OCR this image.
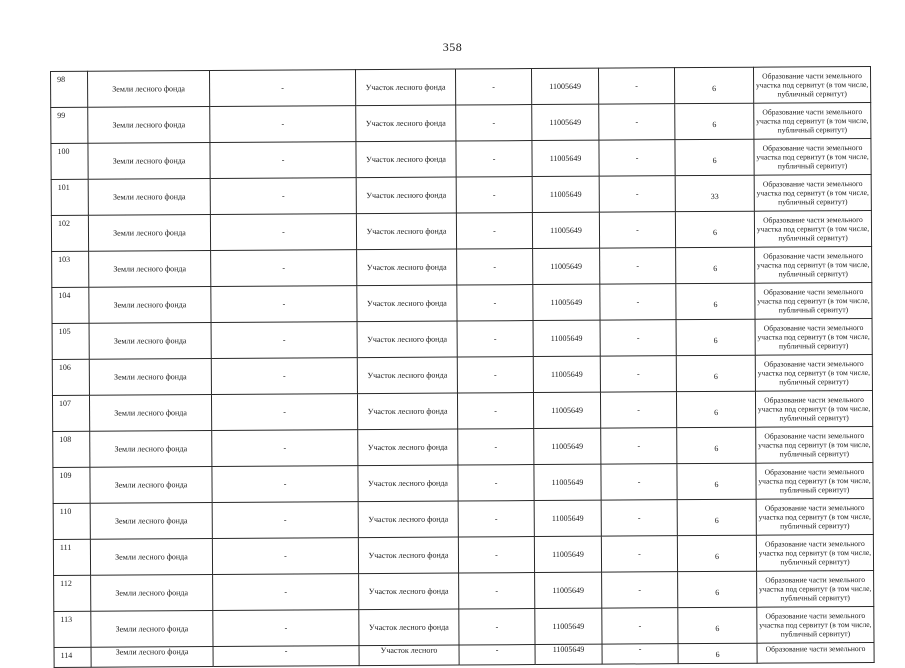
358
98	Земли лесного фонда	-	Участок лесного фонда	-	11005649	-	6	Образование части земельного участка под сервитут (в том числе, публичный сервитут)
99	Земли лесного фонда	-	Участок лесного фонда	-	11005649	-	6	Образование части земельного участка под сервитут (в том числе, публичный сервитут)
100	Земли лесного фонда	-	Участок лесного фонда	-	11005649	-	6	Образование части земельного участка под сервитут (в том числе, публичный сервитут)
101	Земли лесного фонда	-	Участок лесного фонда	-	11005649	-	33	Образование части земельного участка под сервитут (в том числе, публичный сервитут)
102	Земли лесного фонда	-	Участок лесного фонда	-	11005649	-	6	Образование части земельного участка под сервитут (в том числе, публичный сервитут)
103	Земли лесного фонда	-	Участок лесного фонда	-	11005649	-	6	Образование части земельного участка под сервитут (в том числе, публичный сервитут)
104	Земли лесного фонда	-	Участок лесного фонда	-	11005649	-	6	Образование части земельного участка под сервитут (в том числе, публичный сервитут)
105	Земли лесного фонда	-	Участок лесного фонда	-	11005649	-	6	Образование части земельного участка под сервитут (в том числе, публичный сервитут)
106	Земли лесного фонда	-	Участок лесного фонда	-	11005649	-	6	Образование части земельного участка под сервитут (в том числе, публичный сервитут)
107	Земли лесного фонда	-	Участок лесного фонда	-	11005649	-	6	Образование части земельного участка под сервитут (в том числе, публичный сервитут)
108	Земли лесного фонда	-	Участок лесного фонда	-	11005649	-	6	Образование части земельного участка под сервитут (в том числе, публичный сервитут)
109	Земли лесного фонда	-	Участок лесного фонда	-	11005649	-	6	Образование части земельного участка под сервитут (в том числе, публичный сервитут)
110	Земли лесного фонда	-	Участок лесного фонда	-	11005649	-	6	Образование части земельного участка под сервитут (в том числе, публичный сервитут)
111	Земли лесного фонда	-	Участок лесного фонда	-	11005649	-	6	Образование части земельного участка под сервитут (в том числе, публичный сервитут)
112	Земли лесного фонда	-	Участок лесного фонда	-	11005649	-	6	Образование части земельного участка под сервитут (в том числе, публичный сервитут)
113	Земли лесного фонда	-	Участок лесного фонда	-	11005649	-	6	Образование части земельного участка под сервитут (в том числе, публичный сервитут)
114	Земли лесного фонда	-	Участок лесного	-	11005649	-	6	Образование части земельного
